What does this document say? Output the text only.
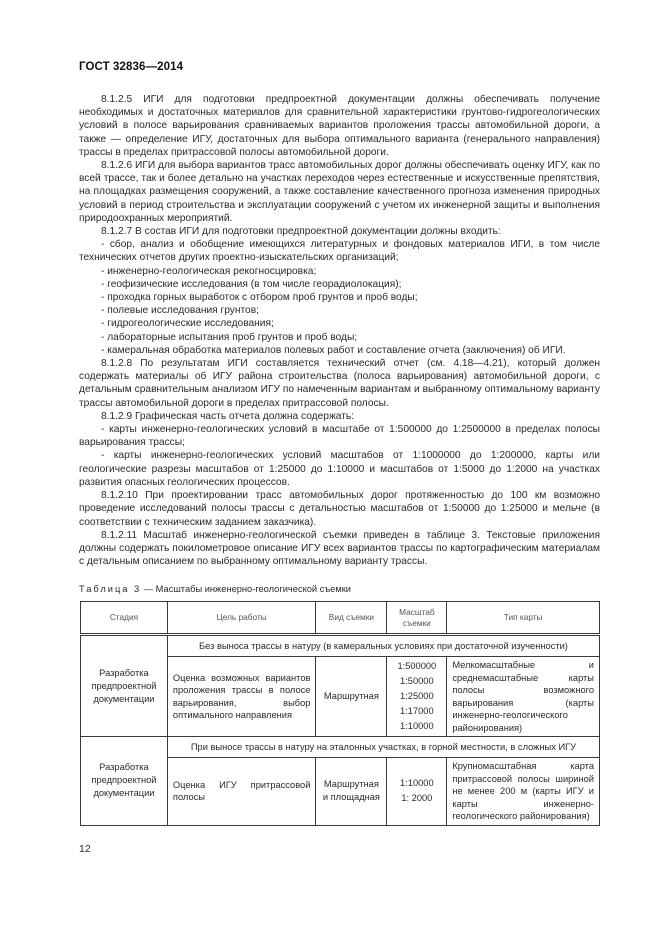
ГОСТ 32836—2014

8.1.2.5 ИГИ для подготовки предпроектной документации должны обеспечивать получение необходимых и достаточных материалов для сравнительной характеристики грунтово-гидрогеологических условий в полосе варьирования сравниваемых вариантов проложения трассы автомобильной дороги, а также — определение ИГУ, достаточных для выбора оптимального варианта (генерального направления) трассы в пределах притрассовой полосы автомобильной дороги.

8.1.2.6 ИГИ для выбора вариантов трасс автомобильных дорог должны обеспечивать оценку ИГУ, как по всей трассе, так и более детально на участках переходов через естественные и искусственные препятствия, на площадках размещения сооружений, а также составление качественного прогноза изменения природных условий в период строительства и эксплуатации сооружений с учетом их инженерной защиты и выполнения природоохранных мероприятий.

8.1.2.7 В состав ИГИ для подготовки предпроектной документации должны входить:

- сбор, анализ и обобщение имеющихся литературных и фондовых материалов ИГИ, в том числе технических отчетов других проектно-изыскательских организаций;

- инженерно-геологическая рекогносцировка;

- геофизические исследования (в том числе георадиолокация);

- проходка горных выработок с отбором проб грунтов и проб воды;

- полевые исследования грунтов;

- гидрогеологические исследования;

- лабораторные испытания проб грунтов и проб воды;

- камеральная обработка материалов полевых работ и составление отчета (заключения) об ИГИ.

8.1.2.8 По результатам ИГИ составляется технический отчет (см. 4.18—4.21), который должен содержать материалы об ИГУ района строительства (полоса варьирования) автомобильной дороги, с детальным сравнительным анализом ИГУ по намеченным вариантам и выбранному оптимальному варианту трассы автомобильной дороги в пределах притрассовой полосы.

8.1.2.9 Графическая часть отчета должна содержать:

- карты инженерно-геологических условий в масштабе от 1:500000 до 1:2500000 в пределах полосы варьирования трассы;

- карты инженерно-геологических условий масштабов от 1:1000000 до 1:200000, карты или геологические разрезы масштабов от 1:25000 до 1:10000 и масштабов от 1:5000 до 1:2000 на участках развития опасных геологических процессов.

8.1.2.10 При проектировании трасс автомобильных дорог протяженностью до 100 км возможно проведение исследований полосы трассы с детальностью масштабов от 1:50000 до 1:25000 и мельче (в соответствии с техническим заданием заказчика).

8.1.2.11 Масштаб инженерно-геологической съемки приведен в таблице 3. Текстовые приложения должны содержать покилометровое описание ИГУ всех вариантов трассы по картографическим материалам с детальным описанием по выбранному оптимальному варианту трассы.

Таблица 3 — Масштабы инженерно-геологической съемки
Стадия	Цель работы	Вид съемки	Масштаб съемки	Тип карты
Разработка предпроектной документации	Без выноса трассы в натуру (в камеральных условиях при достаточной изученности)			
	Оценка возможных вариантов проложения трассы в полосе варьирования, выбор оптимального направления	Маршрутная	1:500000
1:50000
1:25000
1:17000
1:10000	Мелкомасштабные и среднемасштабные карты полосы возможного варьирования (карты инженерно-геологического районирования)
Разработка предпроектной документации	При выносе трассы в натуру на эталонных участках, в горной местности, в сложных ИГУ			
	Оценка ИГУ притрассовой полосы	Маршрутная и площадная	1:10000
1: 2000	Крупномасштабная карта притрассовой полосы шириной не менее 200 м (карты ИГУ и карты инженерно-геологического районирования)
12
